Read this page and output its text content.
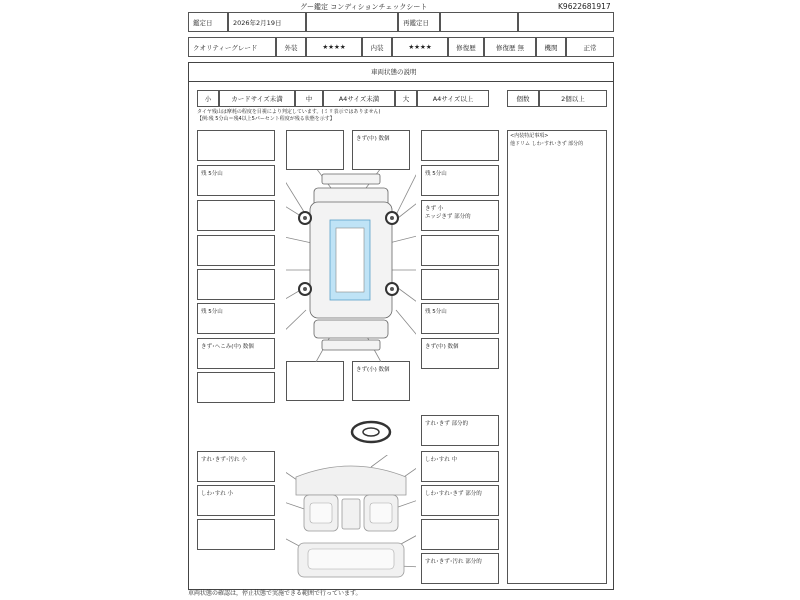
グー鑑定 コンディションチェックシート	K9622681917
鑑定日	2026年2月19日	再鑑定日
クオリティーグレード	外装	★★★★	内装	★★★★	修復歴	修復歴 無	機関	正常
車両状態の説明
小	カードサイズ未満	中	A4サイズ未満	大	A4サイズ以上	個数	2個以上
タイヤ残山は摩耗の程度を目視により判定しています。(ミリ表示ではありません)
【例:残 5分山＝残4以上5パーセント程度が残る状態を示す】
<内装特記事項>
他ドリム しわ･すれ･きず 部分的
残 5分山
残 5分山
きず･へこみ(中) 数個
残 5分山
きず 小
エッジきず 部分的
残 5分山
きず(中) 数個
きず(中) 数個
きず(小) 数個
すれ･きず･汚れ 小
しわ･すれ 小
すれ･きず 部分的
しわ･すれ 中
しわ･すれ･きず 部分的
すれ･きず･汚れ 部分的
車両状態の確認は，停止状態で実施できる範囲で行っています。
